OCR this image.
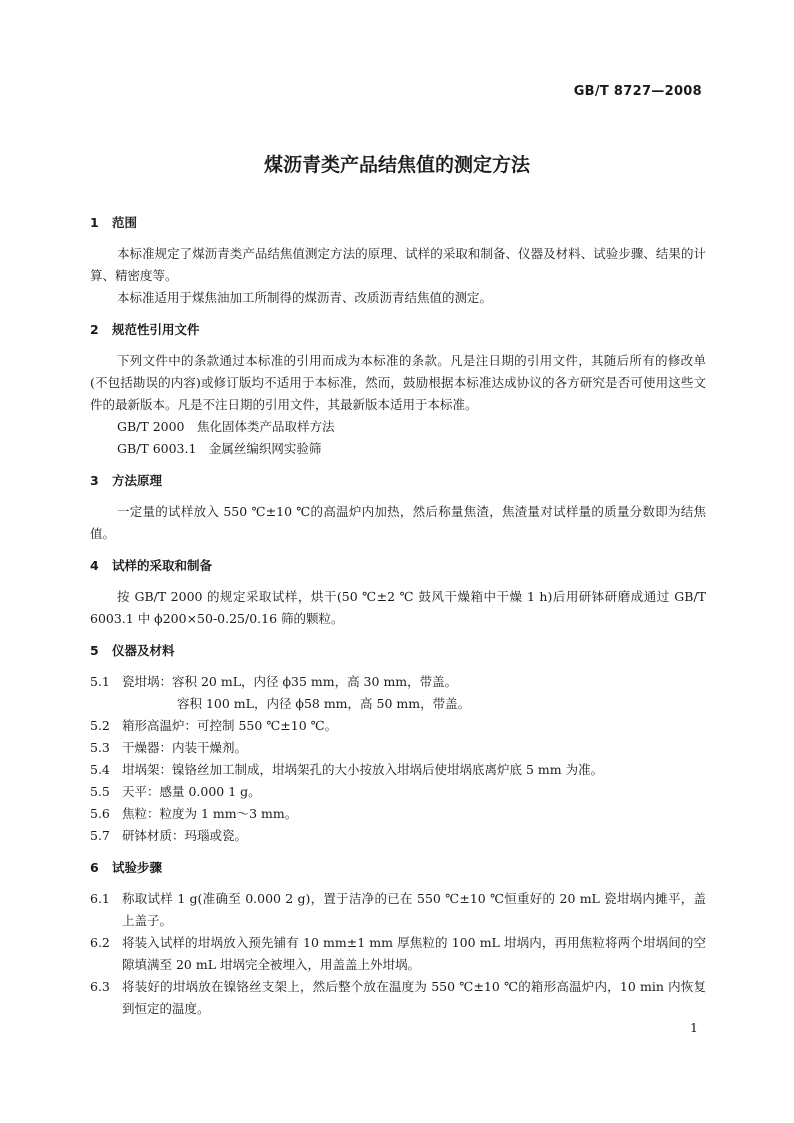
GB/T 8727—2008
煤沥青类产品结焦值的测定方法
1 范围

本标准规定了煤沥青类产品结焦值测定方法的原理、试样的采取和制备、仪器及材料、试验步骤、结果的计算、精密度等。

本标准适用于煤焦油加工所制得的煤沥青、改质沥青结焦值的测定。

2 规范性引用文件

下列文件中的条款通过本标准的引用而成为本标准的条款。凡是注日期的引用文件，其随后所有的修改单(不包括勘误的内容)或修订版均不适用于本标准，然而，鼓励根据本标准达成协议的各方研究是否可使用这些文件的最新版本。凡是不注日期的引用文件，其最新版本适用于本标准。

GB/T 2000　焦化固体类产品取样方法

GB/T 6003.1　金属丝编织网实验筛

3 方法原理

一定量的试样放入 550 ℃±10 ℃的高温炉内加热，然后称量焦渣，焦渣量对试样量的质量分数即为结焦值。

4 试样的采取和制备

按 GB/T 2000 的规定采取试样，烘干(50 ℃±2 ℃ 鼓风干燥箱中干燥 1 h)后用研钵研磨成通过 GB/T 6003.1 中 ϕ200×50-0.25/0.16 筛的颗粒。

5 仪器及材料
5.1 瓷坩埚：容积 20 mL，内径 ϕ35 mm，高 30 mm，带盖。

容积 100 mL，内径 ϕ58 mm，高 50 mm，带盖。

5.2 箱形高温炉：可控制 550 ℃±10 ℃。
5.3 干燥器：内装干燥剂。
5.4 坩埚架：镍铬丝加工制成，坩埚架孔的大小按放入坩埚后使坩埚底离炉底 5 mm 为准。
5.5 天平：感量 0.000 1 g。
5.6 焦粒：粒度为 1 mm～3 mm。
5.7 研钵材质：玛瑙或瓷。
6 试验步骤
6.1 称取试样 1 g(准确至 0.000 2 g)，置于洁净的已在 550 ℃±10 ℃恒重好的 20 mL 瓷坩埚内摊平，盖上盖子。
6.2 将装入试样的坩埚放入预先铺有 10 mm±1 mm 厚焦粒的 100 mL 坩埚内，再用焦粒将两个坩埚间的空隙填满至 20 mL 坩埚完全被埋入，用盖盖上外坩埚。
6.3 将装好的坩埚放在镍铬丝支架上，然后整个放在温度为 550 ℃±10 ℃的箱形高温炉内，10 min 内恢复到恒定的温度。
1
